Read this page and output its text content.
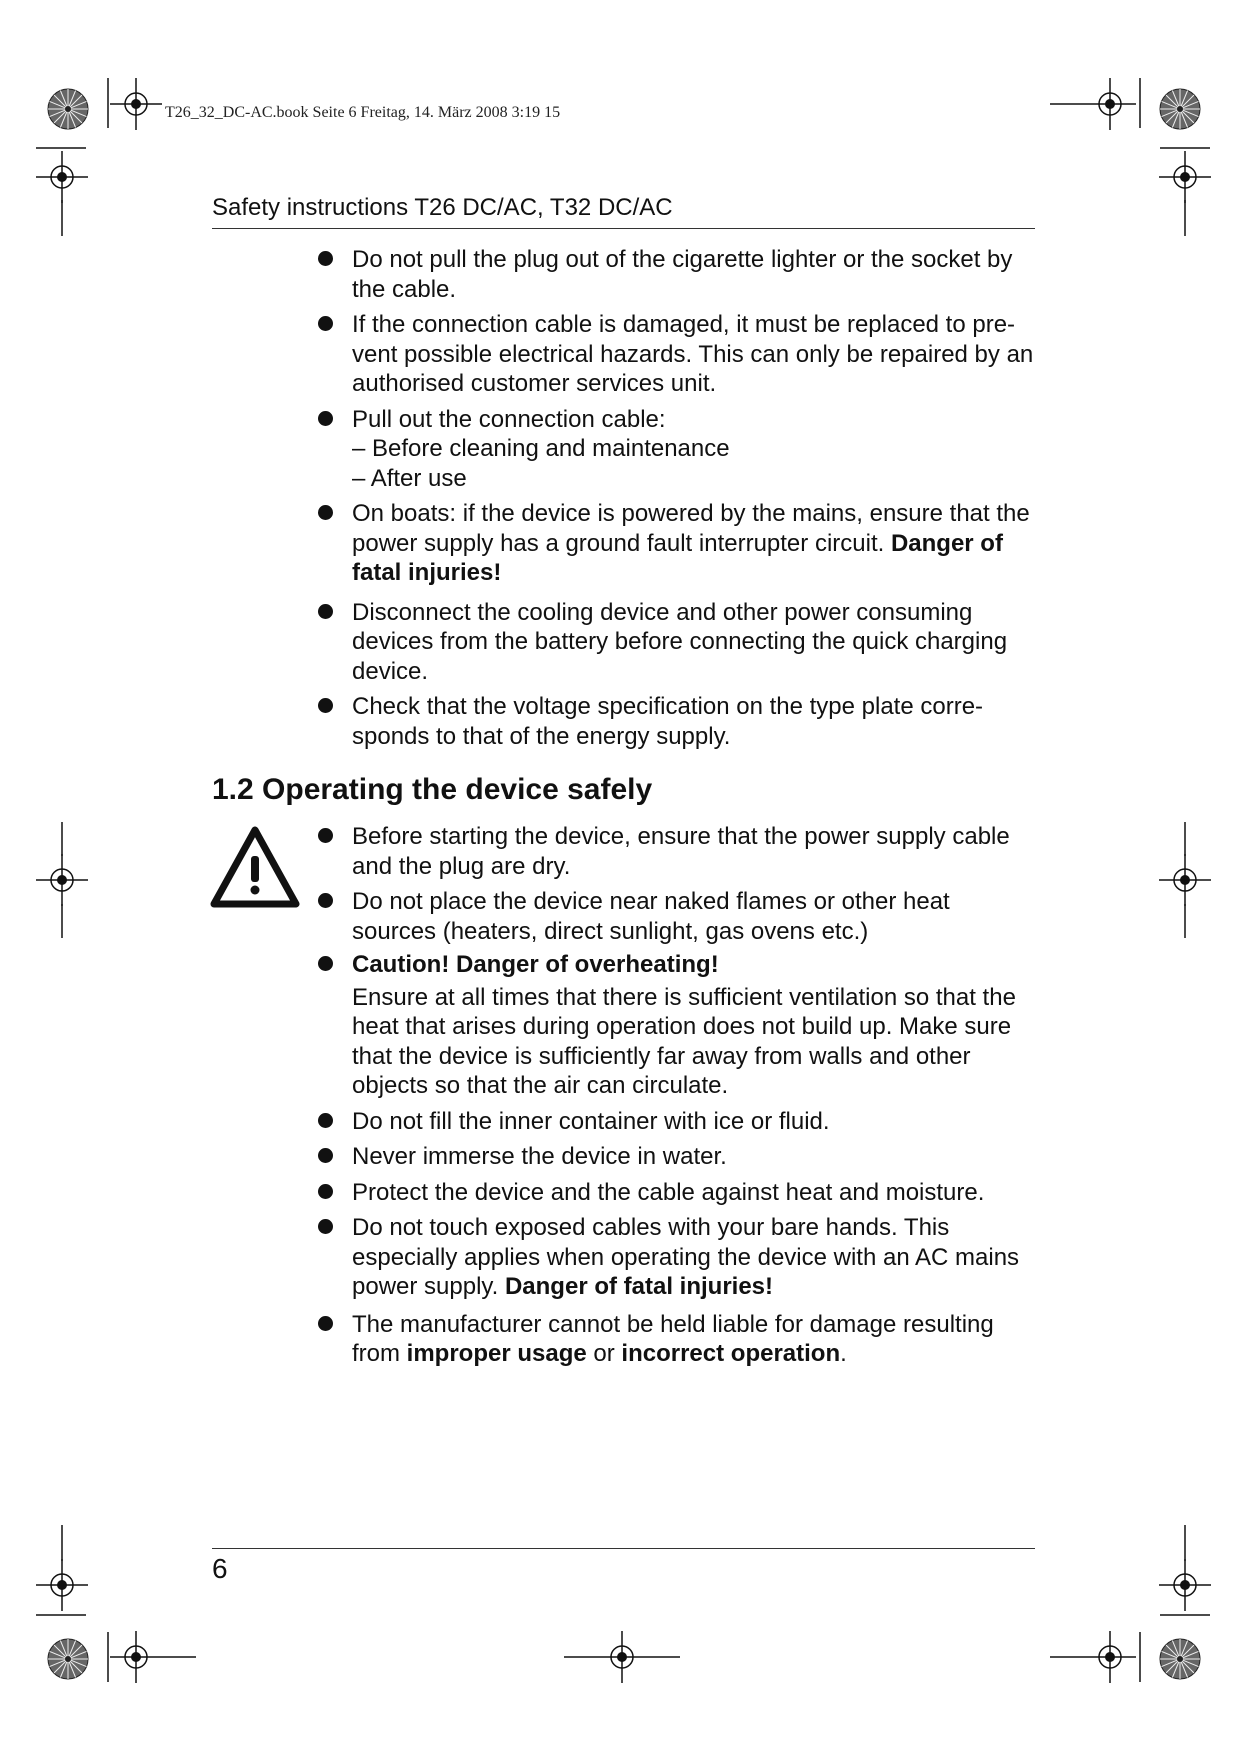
T26_32_DC-AC.book Seite 6 Freitag, 14. März 2008 3:19 15
Safety instructions T26 DC/AC, T32 DC/AC
Do not pull the plug out of the cigarette lighter or the socket by
the cable.
If the connection cable is damaged, it must be replaced to pre-
vent possible electrical hazards. This can only be repaired by an
authorised customer services unit.
Pull out the connection cable:
– Before cleaning and maintenance
– After use
On boats: if the device is powered by the mains, ensure that the
power supply has a ground fault interrupter circuit. Danger of
fatal injuries!
Disconnect the cooling device and other power consuming
devices from the battery before connecting the quick charging
device.
Check that the voltage specification on the type plate corre-
sponds to that of the energy supply.
1.2 Operating the device safely
Before starting the device, ensure that the power supply cable
and the plug are dry.
Do not place the device near naked flames or other heat
sources (heaters, direct sunlight, gas ovens etc.)
Caution! Danger of overheating!
Ensure at all times that there is sufficient ventilation so that the
heat that arises during operation does not build up. Make sure
that the device is sufficiently far away from walls and other
objects so that the air can circulate.
Do not fill the inner container with ice or fluid.
Never immerse the device in water.
Protect the device and the cable against heat and moisture.
Do not touch exposed cables with your bare hands. This
especially applies when operating the device with an AC mains
power supply. Danger of fatal injuries!
The manufacturer cannot be held liable for damage resulting
from improper usage or incorrect operation.
6
